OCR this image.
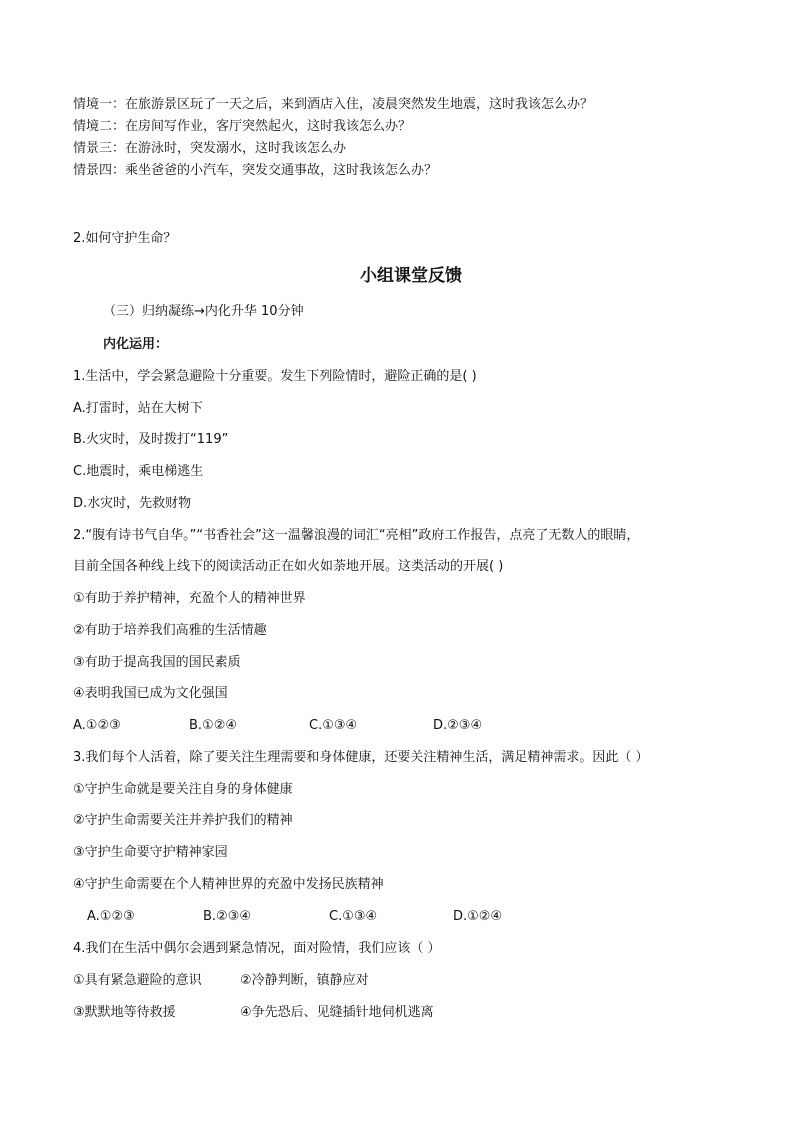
情境一：在旅游景区玩了一天之后，来到酒店入住，凌晨突然发生地震，这时我该怎么办？
情境二：在房间写作业，客厅突然起火，这时我该怎么办？
情景三：在游泳时，突发溺水，这时我该怎么办
情景四：乘坐爸爸的小汽车，突发交通事故，这时我该怎么办？
2.如何守护生命？
小组课堂反馈
（三）归纳凝练→内化升华 10分钟
内化运用：
1.生活中，学会紧急避险十分重要。发生下列险情时，避险正确的是( )
A.打雷时，站在大树下
B.火灾时，及时拨打“119”
C.地震时，乘电梯逃生
D.水灾时，先救财物
2.“腹有诗书气自华。”“书香社会”这一温馨浪漫的词汇“亮相”政府工作报告，点亮了无数人的眼睛，
目前全国各种线上线下的阅读活动正在如火如荼地开展。这类活动的开展( )
①有助于养护精神，充盈个人的精神世界
②有助于培养我们高雅的生活情趣
③有助于提高我国的国民素质
④表明我国已成为文化强国
A.①②③	B.①②④	C.①③④	D.②③④
3.我们每个人活着，除了要关注生理需要和身体健康，还要关注精神生活，满足精神需求。因此（ ）
①守护生命就是要关注自身的身体健康
②守护生命需要关注并养护我们的精神
③守护生命要守护精神家园
④守护生命需要在个人精神世界的充盈中发扬民族精神
A.①②③	B.②③④	C.①③④	D.①②④
4.我们在生活中偶尔会遇到紧急情况，面对险情，我们应该（ ）
①具有紧急避险的意识	②冷静判断，镇静应对
③默默地等待救援	④争先恐后、见缝插针地伺机逃离
